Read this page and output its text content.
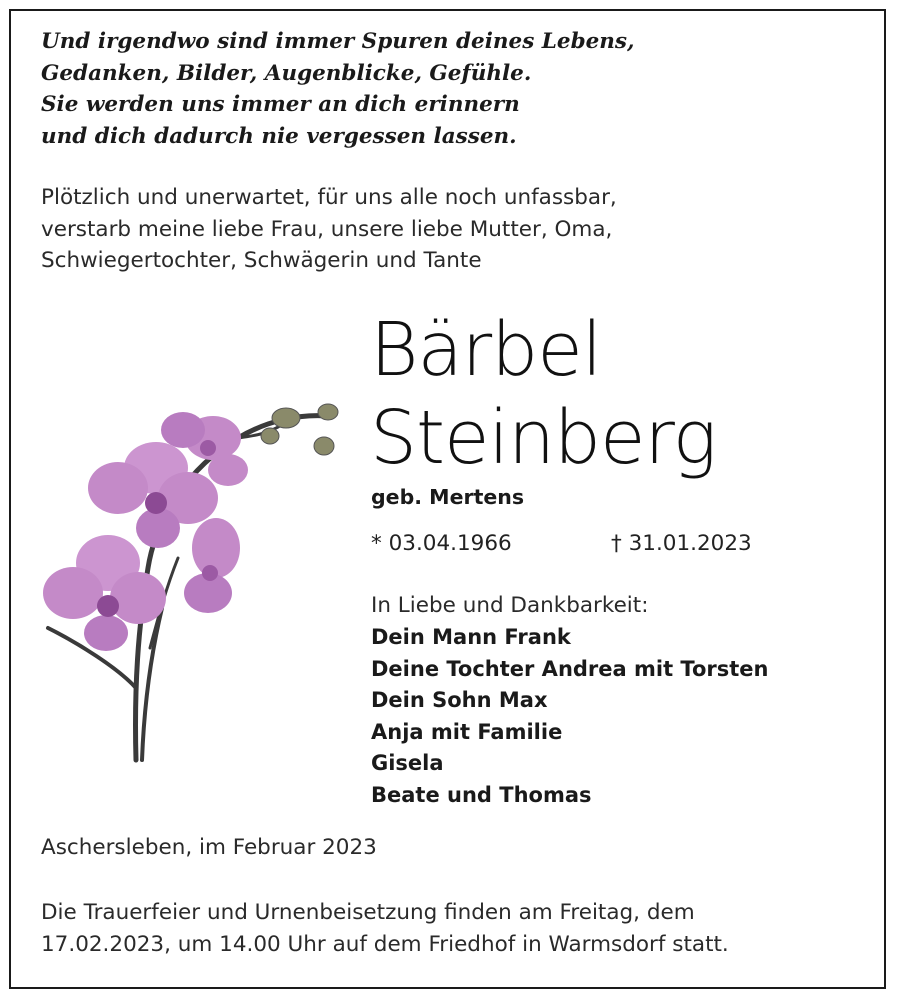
Und irgendwo sind immer Spuren deines Lebens,
Gedanken, Bilder, Augenblicke, Gefühle.
Sie werden uns immer an dich erinnern
und dich dadurch nie vergessen lassen.
Plötzlich und unerwartet, für uns alle noch unfassbar,
verstarb meine liebe Frau, unsere liebe Mutter, Oma,
Schwiegertochter, Schwägerin und Tante
Bärbel
Steinberg
geb. Mertens
* 03.04.1966	† 31.01.2023
In Liebe und Dankbarkeit:
Dein Mann Frank
Deine Tochter Andrea mit Torsten
Dein Sohn Max
Anja mit Familie
Gisela
Beate und Thomas
Aschersleben, im Februar 2023
Die Trauerfeier und Urnenbeisetzung finden am Freitag, dem
17.02.2023, um 14.00 Uhr auf dem Friedhof in Warmsdorf statt.
